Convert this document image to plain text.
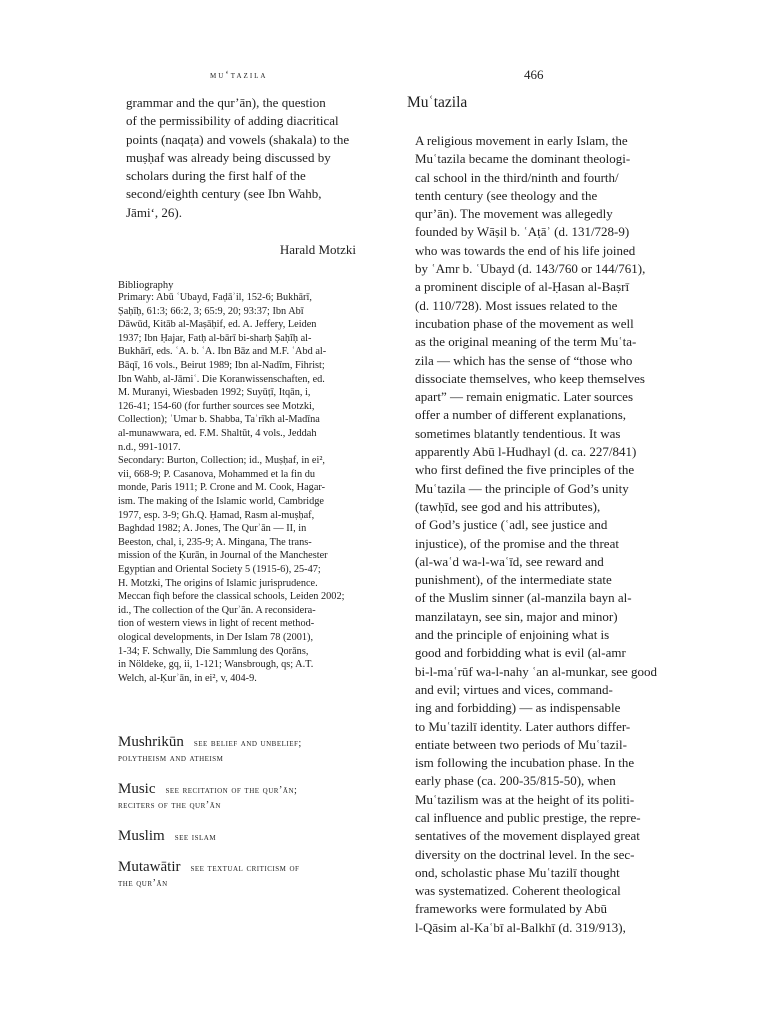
mu‘tazila	466

grammar and the qur’ān), the question
of the permissibility of adding diacritical
points (naqaṭa) and vowels (shakala) to the
muṣḥaf was already being discussed by
scholars during the first half of the
second/eighth century (see Ibn Wahb,
Jāmi‘, 26).

Harald Motzki

Bibliography
Primary: Abū ʿUbayd, Faḍāʾil, 152-6; Bukhārī,
Ṣaḥīḥ, 61:3; 66:2, 3; 65:9, 20; 93:37; Ibn Abī
Dāwūd, Kitāb al-Maṣāḥif, ed. A. Jeffery, Leiden
1937; Ibn Ḥajar, Fatḥ al-bārī bi-sharḥ Ṣaḥīḥ al-
Bukhārī, eds. ʿA. b. ʿA. Ibn Bāz and M.F. ʿAbd al-
Bāqī, 16 vols., Beirut 1989; Ibn al-Nadīm, Fihrist;
Ibn Wahb, al-Jāmiʿ. Die Koranwissenschaften, ed.
M. Muranyi, Wiesbaden 1992; Suyūṭī, Itqān, i,
126-41; 154-60 (for further sources see Motzki,
Collection); ʿUmar b. Shabba, Taʾrīkh al-Madīna
al-munawwara, ed. F.M. Shaltūt, 4 vols., Jeddah
n.d., 991-1017.
Secondary: Burton, Collection; id., Muṣḥaf, in ei²,
vii, 668-9; P. Casanova, Mohammed et la fin du
monde, Paris 1911; P. Crone and M. Cook, Hagar-
ism. The making of the Islamic world, Cambridge
1977, esp. 3-9; Gh.Q. Ḥamad, Rasm al-muṣḥaf,
Baghdad 1982; A. Jones, The Qurʾān — II, in
Beeston, chal, i, 235-9; A. Mingana, The trans-
mission of the Ḳurān, in Journal of the Manchester
Egyptian and Oriental Society 5 (1915-6), 25-47;
H. Motzki, The origins of Islamic jurisprudence.
Meccan fiqh before the classical schools, Leiden 2002;
id., The collection of the Qurʾān. A reconsidera-
tion of western views in light of recent method-
ological developments, in Der Islam 78 (2001),
1-34; F. Schwally, Die Sammlung des Qorāns,
in Nöldeke, gq, ii, 1-121; Wansbrough, qs; A.T.
Welch, al-Ḳurʾān, in ei², v, 404-9.
Mushrikūn see belief and unbelief;
polytheism and atheism
Music see recitation of the qur’ān;
reciters of the qur’ān
Muslim see islam
Mutawātir see textual criticism of
the qur’ān
Muʿtazila

A religious movement in early Islam, the
Muʿtazila became the dominant theologi-
cal school in the third/ninth and fourth/
tenth century (see theology and the
qur’ān). The movement was allegedly
founded by Wāṣil b. ʿAṭāʾ (d. 131/728-9)
who was towards the end of his life joined
by ʿAmr b. ʿUbayd (d. 143/760 or 144/761),
a prominent disciple of al-Ḥasan al-Baṣrī
(d. 110/728). Most issues related to the
incubation phase of the movement as well
as the original meaning of the term Muʿta-
zila — which has the sense of “those who
dissociate themselves, who keep themselves
apart” — remain enigmatic. Later sources
offer a number of different explanations,
sometimes blatantly tendentious. It was
apparently Abū l-Hudhayl (d. ca. 227/841)
who first defined the five principles of the
Muʿtazila — the principle of God’s unity
(tawḥīd, see god and his attributes),
of God’s justice (ʿadl, see justice and
injustice), of the promise and the threat
(al-waʿd wa-l-waʿīd, see reward and
punishment), of the intermediate state
of the Muslim sinner (al-manzila bayn al-
manzilatayn, see sin, major and minor)
and the principle of enjoining what is
good and forbidding what is evil (al-amr
bi-l-maʿrūf wa-l-nahy ʿan al-munkar, see good
and evil; virtues and vices, command-
ing and forbidding) — as indispensable
to Muʿtazilī identity. Later authors differ-
entiate between two periods of Muʿtazil-
ism following the incubation phase. In the
early phase (ca. 200-35/815-50), when
Muʿtazilism was at the height of its politi-
cal influence and public prestige, the repre-
sentatives of the movement displayed great
diversity on the doctrinal level. In the sec-
ond, scholastic phase Muʿtazilī thought
was systematized. Coherent theological
frameworks were formulated by Abū
l-Qāsim al-Kaʿbī al-Balkhī (d. 319/913),
